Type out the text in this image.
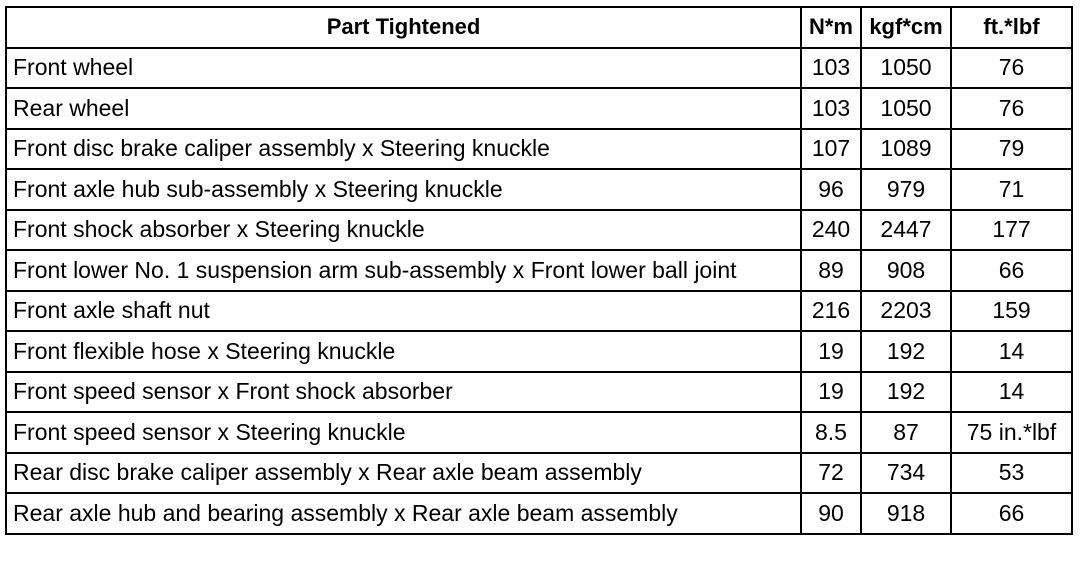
Part Tightened	N*m	kgf*cm	ft.*lbf
Front wheel	103	1050	76
Rear wheel	103	1050	76
Front disc brake caliper assembly x Steering knuckle	107	1089	79
Front axle hub sub-assembly x Steering knuckle	96	979	71
Front shock absorber x Steering knuckle	240	2447	177
Front lower No. 1 suspension arm sub-assembly x Front lower ball joint	89	908	66
Front axle shaft nut	216	2203	159
Front flexible hose x Steering knuckle	19	192	14
Front speed sensor x Front shock absorber	19	192	14
Front speed sensor x Steering knuckle	8.5	87	75 in.*lbf
Rear disc brake caliper assembly x Rear axle beam assembly	72	734	53
Rear axle hub and bearing assembly x Rear axle beam assembly	90	918	66
